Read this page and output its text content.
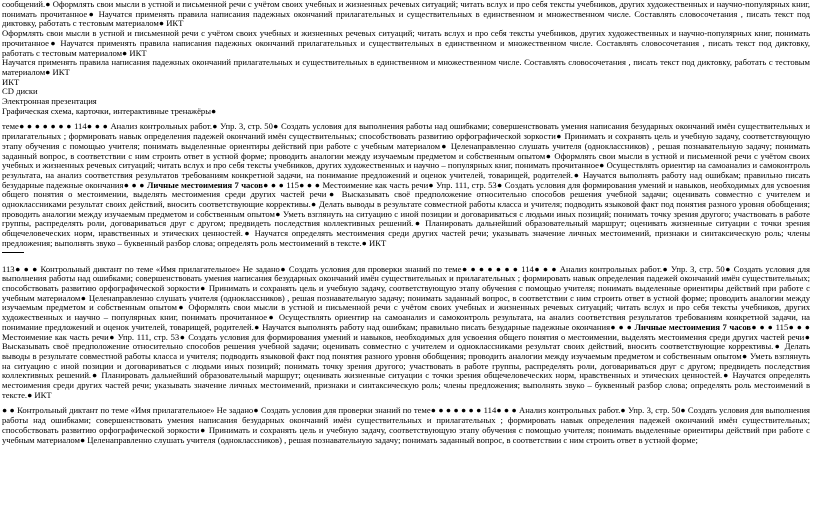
сообщений.● Оформлять свои мысли в устной и письменной речи с учётом своих учебных и жизненных речевых ситуаций; читать вслух и про себя тексты учебников, других художественных и научно-популярных книг, понимать прочитанное● Научатся применять правила написания падежных окончаний прилагательных и существительных в единственном и множественном числе. Составлять словосочетания , писать текст под диктовку, работать с тестовым материалом● ИКТ

Оформлять свои мысли в устной и письменной речи с учётом своих учебных и жизненных речевых ситуаций; читать вслух и про себя тексты учебников, других художественных и научно-популярных книг, понимать прочитанное● Научатся применять правила написания падежных окончаний прилагательных и существительных в единственном и множественном числе. Составлять словосочетания , писать текст под диктовку, работать с тестовым материалом● ИКТ

Научатся применять правила написания падежных окончаний прилагательных и существительных в единственном и множественном числе. Составлять словосочетания , писать текст под диктовку, работать с тестовым материалом● ИКТ

ИКТ

CD диски

Электронная презентация

Графическая схема, карточки, интерактивные тренажёры●

теме● ● ● ● ● ● ● 114● ● ● Анализ контрольных работ.● Упр. 3, стр. 50● Создать условия для выполнения работы над ошибками; совершенствовать умения написания безударных окончаний имён существительных и прилагательных ; формировать навык определения падежей окончаний имён существительных; способствовать развитию орфографической зоркости● Принимать и сохранять цель и учебную задачу, соответствующую этапу обучения с помощью учителя; понимать выделенные ориентиры действий при работе с учебным материалом● Целенаправленно слушать учителя (одноклассников) , решая познавательную задачу; понимать заданный вопрос, в соответствии с ним строить ответ в устной форме; проводить аналогии между изучаемым предметом и собственным опытом● Оформлять свои мысли в устной и письменной речи с учётом своих учебных и жизненных речевых ситуаций; читать вслух и про себя тексты учебников, других художественных и научно – популярных книг, понимать прочитанное● Осуществлять ориентир на самоанализ и самоконтроль результата, на анализ соответствия результатов требованиям конкретной задачи, на понимание предложений и оценок учителей, товарищей, родителей.● Научатся выполнять работу над ошибкам; правильно писать безударные падежные окончания● ● ● Личные местоимения 7 часов● ● ● 115● ● ● Местоимение как часть речи● Упр. 111, стр. 53● Создать условия для формирования умений и навыков, необходимых для усвоения общего понятия о местоимении, выделять местоимения среди других частей речи● Высказывать своё предположение относительно способов решения учебной задачи; оценивать совместно с учителем и одноклассниками результат своих действий, вносить соответствующие коррективы.● Делать выводы в результате совместной работы класса и учителя; подводить языковой факт под понятия разного уровня обобщения; проводить аналогии между изучаемым предметом и собственным опытом● Уметь взглянуть на ситуацию с иной позиции и договариваться с людьми иных позиций; понимать точку зрения другого; участвовать в работе группы, распределять роли, договариваться друг с другом; предвидеть последствия коллективных решений.● Планировать дальнейший образовательный маршрут; оценивать жизненные ситуации с точки зрения общечеловеческих норм, нравственных и этических ценностей.● Научатся определять местоимения среди других частей речи; указывать значение личных местоимений, признаки и синтаксическую роль; члены предложения; выполнять звуко – буквенный разбор слова; определять роль местоимений в тексте.● ИКТ

113● ● ● Контрольный диктант по теме «Имя прилагательное» Не задано● Создать условия для проверки знаний по теме● ● ● ● ● ● ● 114● ● ● Анализ контрольных работ.● Упр. 3, стр. 50● Создать условия для выполнения работы над ошибками; совершенствовать умения написания безударных окончаний имён существительных и прилагательных ; формировать навык определения падежей окончаний имён существительных; способствовать развитию орфографической зоркости● Принимать и сохранять цель и учебную задачу, соответствующую этапу обучения с помощью учителя; понимать выделенные ориентиры действий при работе с учебным материалом● Целенаправленно слушать учителя (одноклассников) , решая познавательную задачу; понимать заданный вопрос, в соответствии с ним строить ответ в устной форме; проводить аналогии между изучаемым предметом и собственным опытом● Оформлять свои мысли в устной и письменной речи с учётом своих учебных и жизненных речевых ситуаций; читать вслух и про себя тексты учебников, других художественных и научно – популярных книг, понимать прочитанное● Осуществлять ориентир на самоанализ и самоконтроль результата, на анализ соответствия результатов требованиям конкретной задачи, на понимание предложений и оценок учителей, товарищей, родителей.● Научатся выполнять работу над ошибкам; правильно писать безударные падежные окончания● ● ● Личные местоимения 7 часов● ● ● 115● ● ● Местоимение как часть речи● Упр. 111, стр. 53● Создать условия для формирования умений и навыков, необходимых для усвоения общего понятия о местоимении, выделять местоимения среди других частей речи● Высказывать своё предположение относительно способов решения учебной задачи; оценивать совместно с учителем и одноклассниками результат своих действий, вносить соответствующие коррективы.● Делать выводы в результате совместной работы класса и учителя; подводить языковой факт под понятия разного уровня обобщения; проводить аналогии между изучаемым предметом и собственным опытом● Уметь взглянуть на ситуацию с иной позиции и договариваться с людьми иных позиций; понимать точку зрения другого; участвовать в работе группы, распределять роли, договариваться друг с другом; предвидеть последствия коллективных решений.● Планировать дальнейший образовательный маршрут; оценивать жизненные ситуации с точки зрения общечеловеческих норм, нравственных и этических ценностей.● Научатся определять местоимения среди других частей речи; указывать значение личных местоимений, признаки и синтаксическую роль; члены предложения; выполнять звуко – буквенный разбор слова; определять роль местоимений в тексте.● ИКТ

● ● Контрольный диктант по теме «Имя прилагательное» Не задано● Создать условия для проверки знаний по теме● ● ● ● ● ● ● 114● ● ● Анализ контрольных работ.● Упр. 3, стр. 50● Создать условия для выполнения работы над ошибками; совершенствовать умения написания безударных окончаний имён существительных и прилагательных ; формировать навык определения падежей окончаний имён существительных; способствовать развитию орфографической зоркости● Принимать и сохранять цель и учебную задачу, соответствующую этапу обучения с помощью учителя; понимать выделенные ориентиры действий при работе с учебным материалом● Целенаправленно слушать учителя (одноклассников) , решая познавательную задачу; понимать заданный вопрос, в соответствии с ним строить ответ в устной форме;
